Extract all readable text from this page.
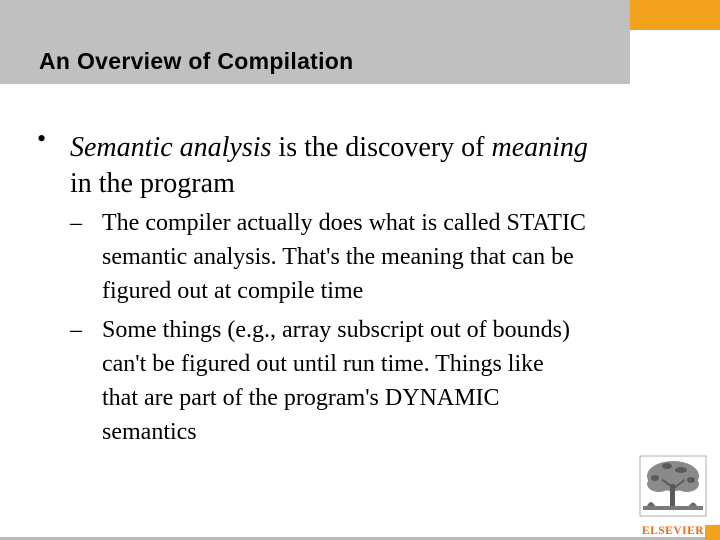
An Overview of Compilation
• Semantic analysis is the discovery of meaning
in the program
– The compiler actually does what is called STATIC
semantic analysis. That's the meaning that can be
figured out at compile time
– Some things (e.g., array subscript out of bounds)
can't be figured out until run time. Things like
that are part of the program's DYNAMIC
semantics
ELSEVIER
